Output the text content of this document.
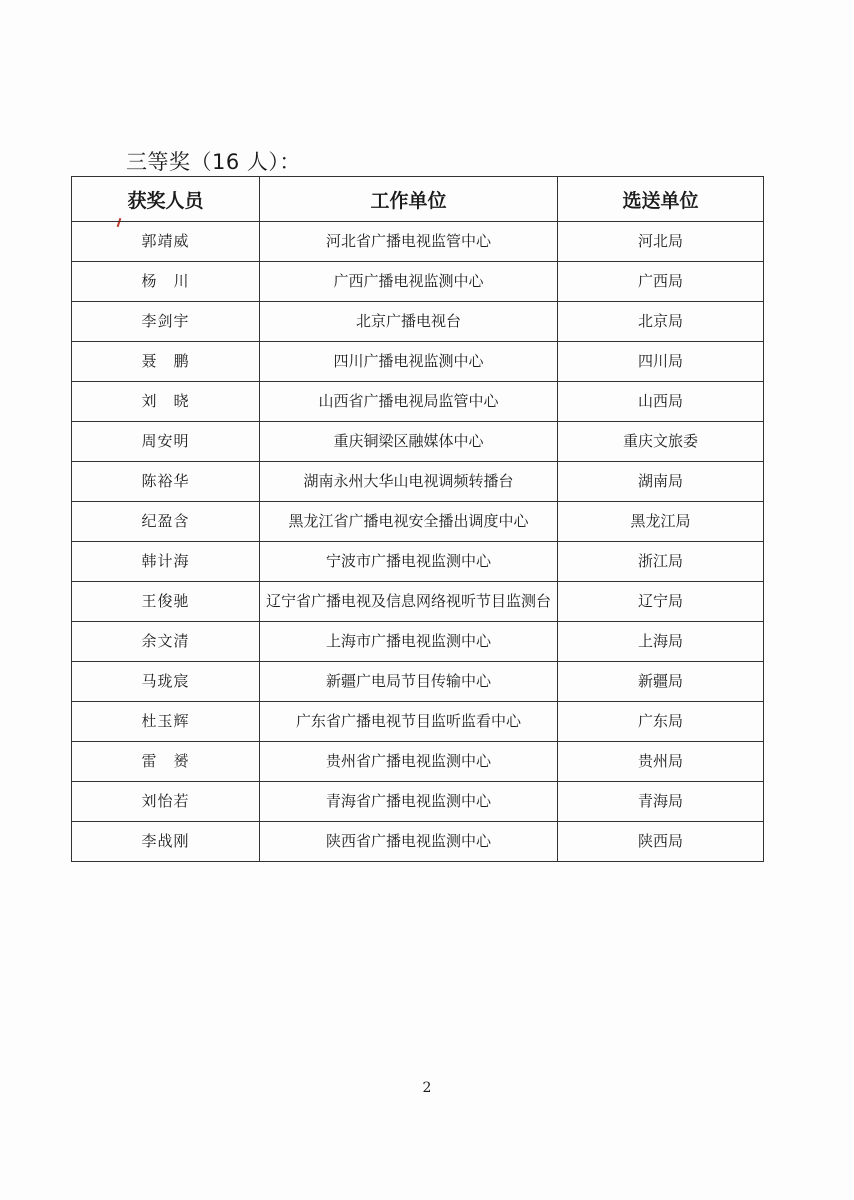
三等奖（16 人）：
获奖人员	工作单位	选送单位
郭靖威	河北省广播电视监管中心	河北局
杨　川	广西广播电视监测中心	广西局
李剑宇	北京广播电视台	北京局
聂　鹏	四川广播电视监测中心	四川局
刘　晓	山西省广播电视局监管中心	山西局
周安明	重庆铜梁区融媒体中心	重庆文旅委
陈裕华	湖南永州大华山电视调频转播台	湖南局
纪盈含	黑龙江省广播电视安全播出调度中心	黑龙江局
韩计海	宁波市广播电视监测中心	浙江局
王俊驰	辽宁省广播电视及信息网络视听节目监测台	辽宁局
余文清	上海市广播电视监测中心	上海局
马珑宸	新疆广电局节目传输中心	新疆局
杜玉辉	广东省广播电视节目监听监看中心	广东局
雷　赟	贵州省广播电视监测中心	贵州局
刘怡若	青海省广播电视监测中心	青海局
李战刚	陕西省广播电视监测中心	陕西局
2
